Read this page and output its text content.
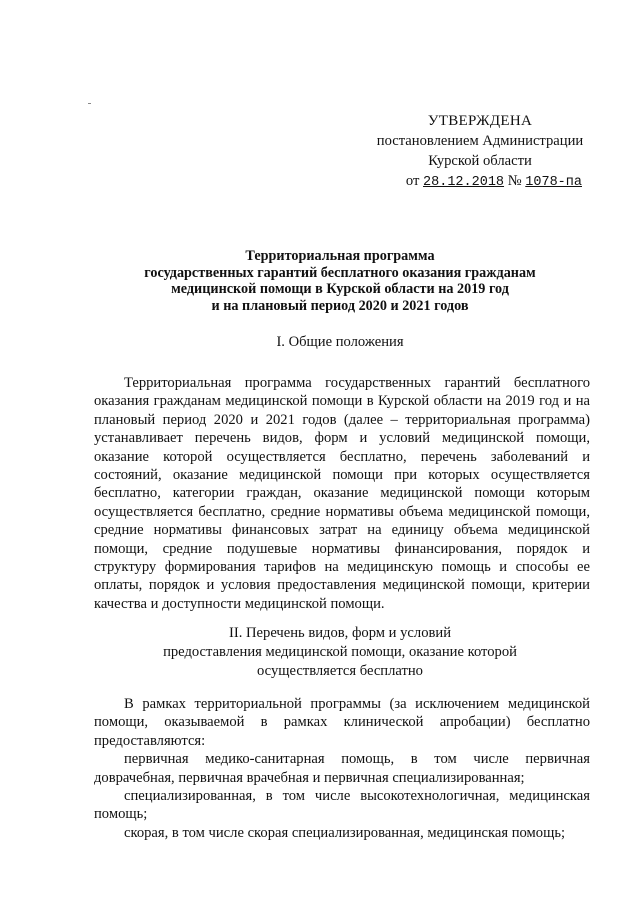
УТВЕРЖДЕНА
постановлением Администрации
Курской области
от 28.12.2018 № 1078-па
Территориальная программа
государственных гарантий бесплатного оказания гражданам
медицинской помощи в Курской области на 2019 год
и на плановый период 2020 и 2021 годов
I. Общие положения

Территориальная программа государственных гарантий бесплатного оказания гражданам медицинской помощи в Курской области на 2019 год и на плановый период 2020 и 2021 годов (далее – территориальная программа) устанавливает перечень видов, форм и условий медицинской помощи, оказание которой осуществляется бесплатно, перечень заболеваний и состояний, оказание медицинской помощи при которых осуществляется бесплатно, категории граждан, оказание медицинской помощи которым осуществляется бесплатно, средние нормативы объема медицинской помощи, средние нормативы финансовых затрат на единицу объема медицинской помощи, средние подушевые нормативы финансирования, порядок и структуру формирования тарифов на медицинскую помощь и способы ее оплаты, порядок и условия предоставления медицинской помощи, критерии качества и доступности медицинской помощи.

II. Перечень видов, форм и условий
предоставления медицинской помощи, оказание которой
осуществляется бесплатно

В рамках территориальной программы (за исключением медицинской помощи, оказываемой в рамках клинической апробации) бесплатно предоставляются:

первичная медико-санитарная помощь, в том числе первичная доврачебная, первичная врачебная и первичная специализированная;

специализированная, в том числе высокотехнологичная, медицинская помощь;

скорая, в том числе скорая специализированная, медицинская помощь;
